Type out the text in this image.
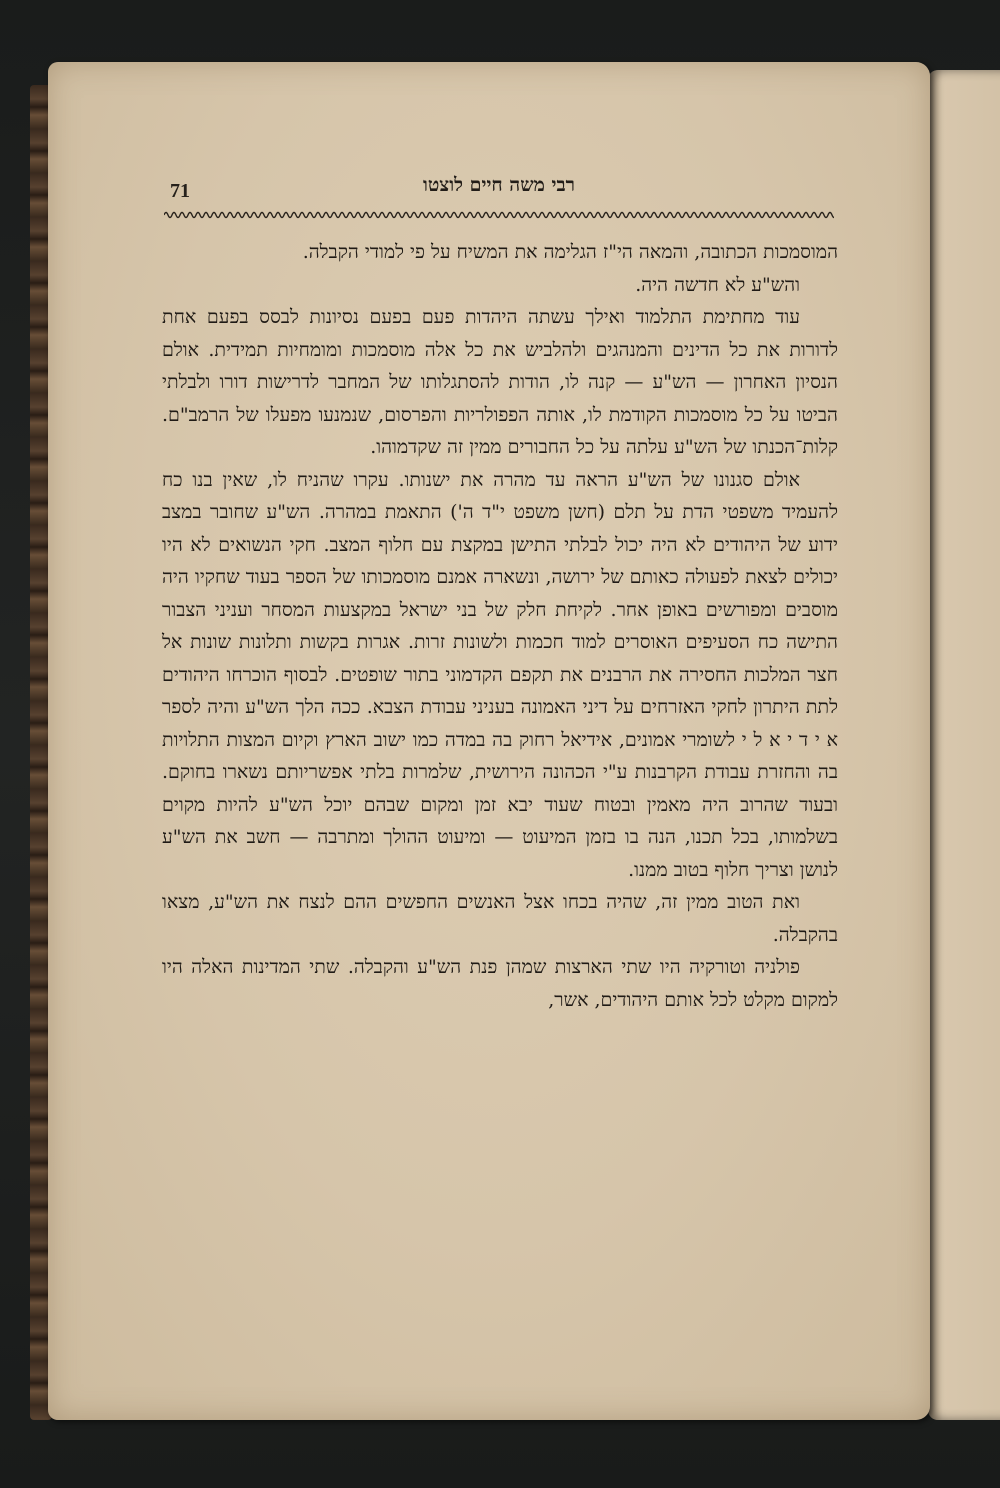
71	רבי משה חיים לוצטו

המוסמכות הכתובה, והמאה הי"ז הגלימה את המשיח על פי למודי הקבלה.

והש"ע לא חדשה היה.

עוד מחתימת התלמוד ואילך עשתה היהדות פעם בפעם נסיונות לבסס בפעם אחת לדורות את כל הדינים והמנהגים ולהלביש את כל אלה מוסמכות ומומחיות תמידית. אולם הנסיון האחרון — הש"ע — קנה לו, הודות להסתגלותו של המחבר לדרישות דורו ולבלתי הביטו על כל מוסמכות הקודמת לו, אותה הפפולריות והפרסום, שנמנעו מפעלו של הרמב"ם. קלות־הכנתו של הש"ע עלתה על כל החבורים ממין זה שקדמוהו.

אולם סגנונו של הש"ע הראה עד מהרה את ישנותו. עקרו שהניח לו, שאין בנו כח להעמיד משפטי הדת על תלם (חשן משפט י"ד ה') התאמת במהרה. הש"ע שחובר במצב ידוע של היהודים לא היה יכול לבלתי התישן במקצת עם חלוף המצב. חקי הנשואים לא היו יכולים לצאת לפעולה כאותם של ירושה, ונשארה אמנם מוסמכותו של הספר בעוד שחקיו היה מוסבים ומפורשים באופן אחר. לקיחת חלק של בני ישראל במקצעות המסחר ועניני הצבור התישה כח הסעיפים האוסרים למוד חכמות ולשונות זרות. אגרות בקשות ותלונות שונות אל חצר המלכות החסירה את הרבנים את תקפם הקדמוני בתור שופטים. לבסוף הוכרחו היהודים לתת היתרון לחקי האזרחים על דיני האמונה בעניני עבודת הצבא. ככה הלך הש"ע והיה לספר א י ד י א ל י לשומרי אמונים, אידיאל רחוק בה במדה כמו ישוב הארץ וקיום המצות התלויות בה והחזרת עבודת הקרבנות ע"י הכהונה הירושית, שלמרות בלתי אפשריותם נשארו בחוקם. ובעוד שהרוב היה מאמין ובטוח שעוד יבא זמן ומקום שבהם יוכל הש"ע להיות מקוים בשלמותו, בכל תכנו, הנה בו בזמן המיעוט — ומיעוט ההולך ומתרבה — חשב את הש"ע לנושן וצריך חלוף בטוב ממנו.

ואת הטוב ממין זה, שהיה בכחו אצל האנשים החפשים ההם לנצח את הש"ע, מצאו בהקבלה.

פולניה וטורקיה היו שתי הארצות שמהן פנת הש"ע והקבלה. שתי המדינות האלה היו למקום מקלט לכל אותם היהודים, אשר,
